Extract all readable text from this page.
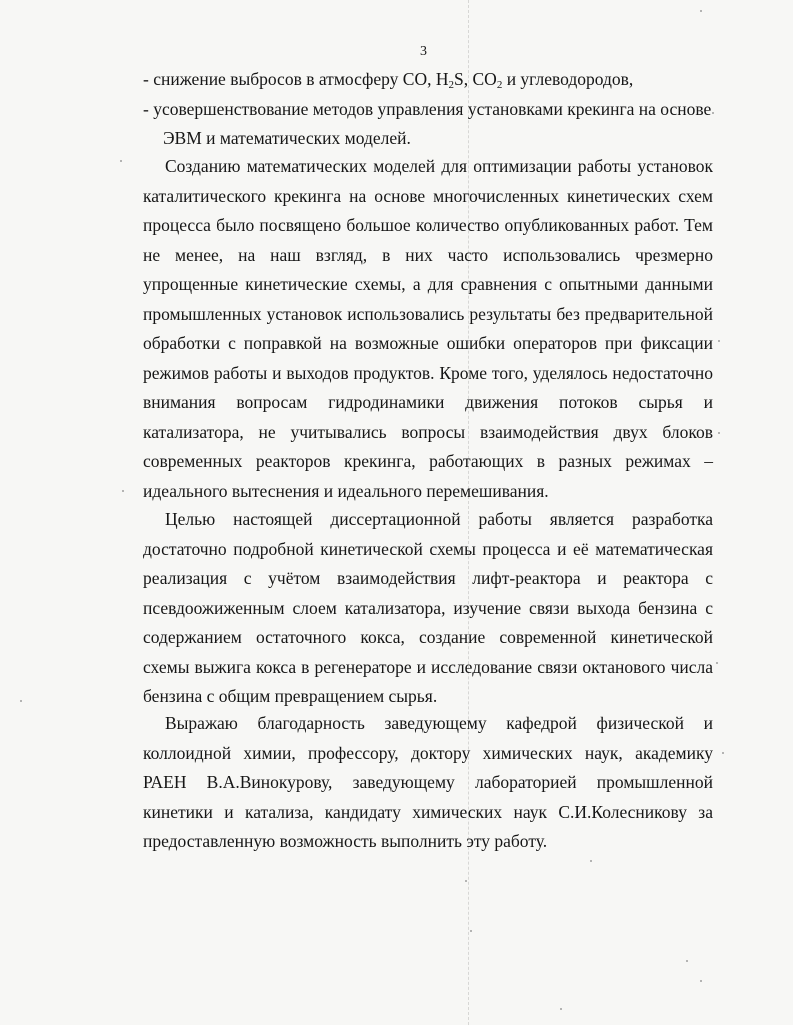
3
- снижение выбросов в атмосферу CO, $H_2S$, $CO_2$ и углеводородов,
- усовершенствование методов управления установками крекинга на основе
ЭВМ и математических моделей.
Созданию математических моделей для оптимизации работы установок каталитического крекинга на основе многочисленных кинетических схем процесса было посвящено большое количество опубликованных работ. Тем не менее, на наш взгляд, в них часто использовались чрезмерно упрощенные кинетические схемы, а для сравнения с опытными данными промышленных установок использовались результаты без предварительной обработки с поправкой на возможные ошибки операторов при фиксации режимов работы и выходов продуктов. Кроме того, уделялось недостаточно внимания вопросам гидродинамики движения потоков сырья и катализатора, не учитывались вопросы взаимодействия двух блоков современных реакторов крекинга, работающих в разных режимах – идеального вытеснения и идеального перемешивания.
Целью настоящей диссертационной работы является разработка достаточно подробной кинетической схемы процесса и её математическая реализация с учётом взаимодействия лифт-реактора и реактора с псевдоожиженным слоем катализатора, изучение связи выхода бензина с содержанием остаточного кокса, создание современной кинетической схемы выжига кокса в регенераторе и исследование связи октанового числа бензина с общим превращением сырья.
Выражаю благодарность заведующему кафедрой физической и коллоидной химии, профессору, доктору химических наук, академику РАЕН В.А.Винокурову, заведующему лабораторией промышленной кинетики и катализа, кандидату химических наук С.И.Колесникову за предоставленную возможность выполнить эту работу.
